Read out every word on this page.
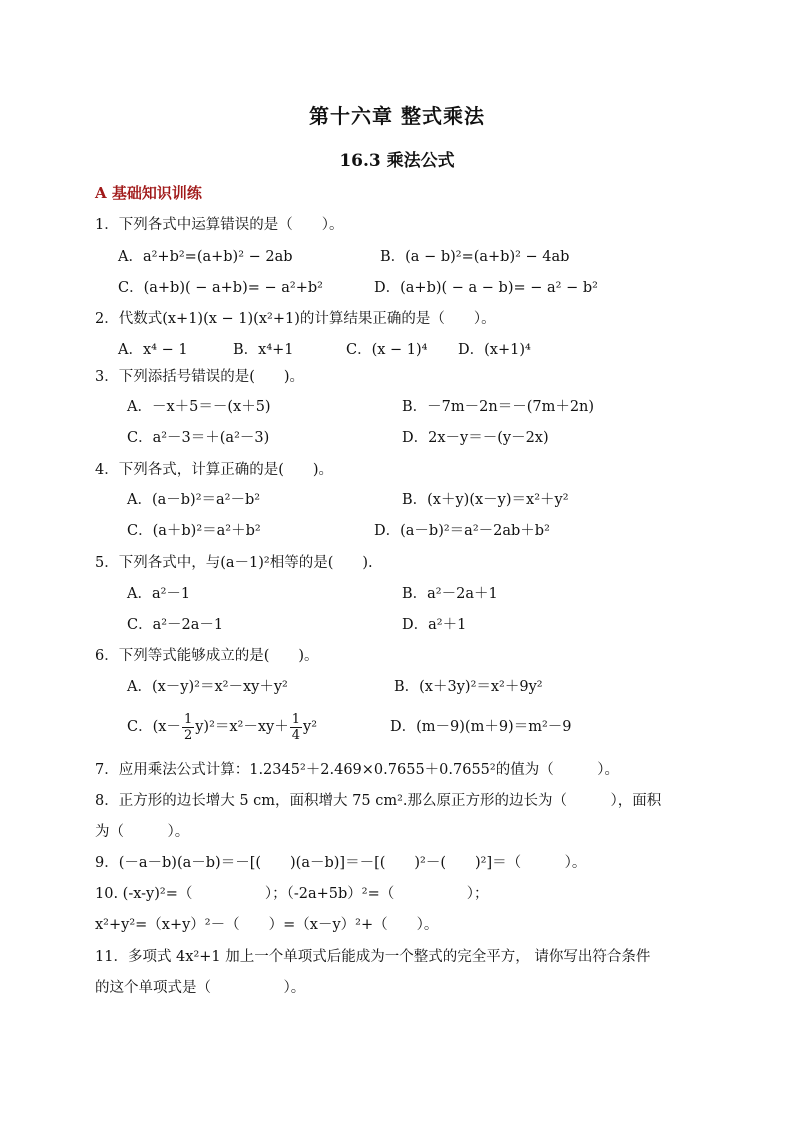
第十六章 整式乘法
16.3 乘法公式
A 基础知识训练
1．下列各式中运算错误的是（　　）。
A．a²+b²=(a+b)² − 2ab	B．(a − b)²=(a+b)² − 4ab
C．(a+b)( − a+b)= − a²+b²	D．(a+b)( − a − b)= − a² − b²
2．代数式(x+1)(x − 1)(x²+1)的计算结果正确的是（　　）。
A．x⁴ − 1	B．x⁴+1	C．(x − 1)⁴ D．(x+1)⁴
3．下列添括号错误的是(　　)。
A．－x＋5＝－(x＋5)	B．－7m－2n＝－(7m＋2n)
C．a²－3＝＋(a²－3)	D．2x－y＝－(y－2x)
4．下列各式，计算正确的是(　　)。
A．(a－b)²＝a²－b²	B．(x＋y)(x－y)＝x²＋y²
C．(a＋b)²＝a²＋b²	D．(a－b)²＝a²－2ab＋b²
5．下列各式中，与(a－1)²相等的是(　　).
A．a²－1	B．a²－2a＋1
C．a²－2a－1	D．a²＋1
6．下列等式能够成立的是(　　)。
A．(x－y)²＝x²－xy＋y²	B．(x＋3y)²＝x²＋9y²
C．$(x- \frac{1}{2} y)^2=x^2-xy+ \frac{1}{4} y^2$	D．(m－9)(m＋9)＝m²－9
7．应用乘法公式计算：1.2345²＋2.469×0.7655＋0.7655²的值为（　　　）。
8．正方形的边长增大 5 cm，面积增大 75 cm².那么原正方形的边长为（　　　），面积
为（　　　）。
9．(－a－b)(a－b)＝－[(　　)(a－b)]＝－[(　　)²－(　　)²]＝（　　　）。
10. (-x-y)²=（　　　　　）；（-2a+5b）²=（　　　　　）；
x²+y²=（x+y）²－（　　）=（x－y）²+（　　）。
11．多项式 4x²+1 加上一个单项式后能成为一个整式的完全平方， 请你写出符合条件
的这个单项式是（　　　　　）。
